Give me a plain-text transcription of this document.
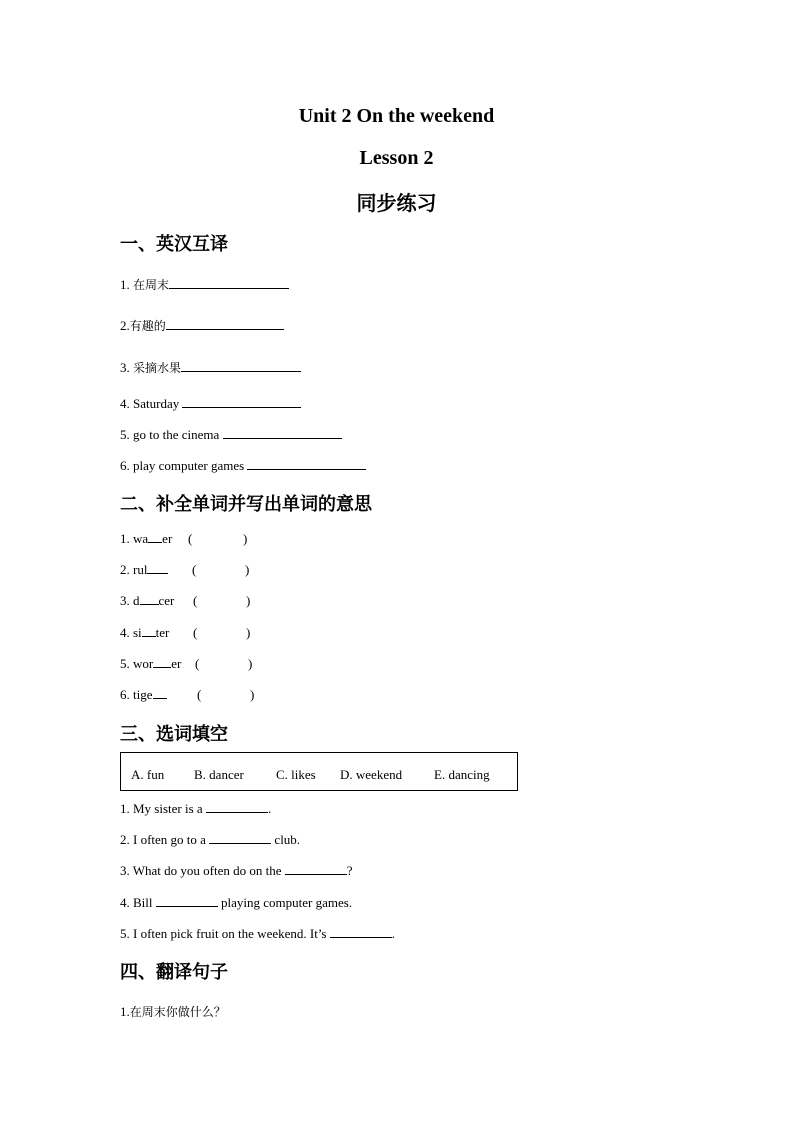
Unit 2 On the weekend
Lesson 2
同步练习
一、英汉互译
1. 在周末
2.有趣的
3. 采摘水果
4. Saturday
5. go to the cinema
6. play computer games
二、补全单词并写出单词的意思
1. wa er (	)
2. rul	(	)
3. d cer (	)
4. si ter (	)
5. wor er (	)
6. tige	(	)
三、选词填空
A. fun B. dancer C. likes D. weekend E. dancing
1. My sister is a	.
2. I often go to a	club.
3. What do you often do on the	?
4. Bill	playing computer games.
5. I often pick fruit on the weekend. It’s	.
四、翻译句子
1.在周末你做什么？
